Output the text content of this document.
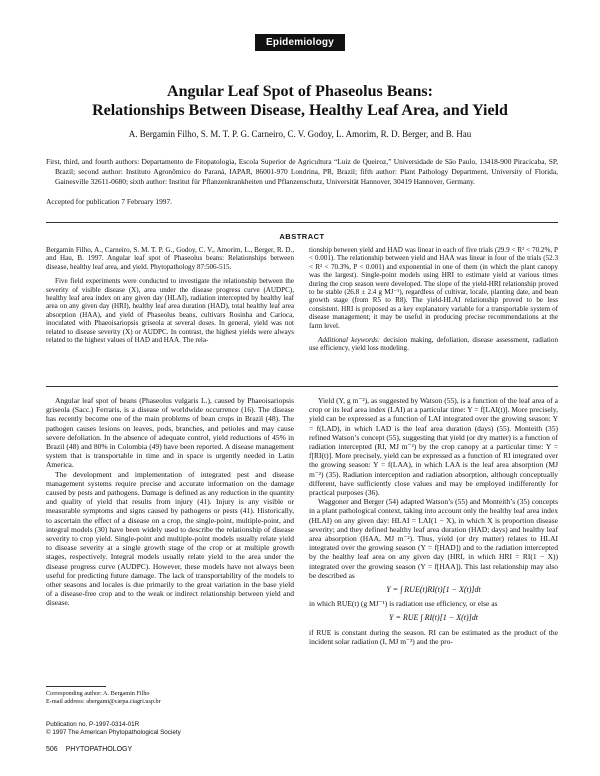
Epidemiology
Angular Leaf Spot of Phaseolus Beans:
Relationships Between Disease, Healthy Leaf Area, and Yield
A. Bergamin Filho, S. M. T. P. G. Carneiro, C. V. Godoy, L. Amorim, R. D. Berger, and B. Hau

First, third, and fourth authors: Departamento de Fitopatologia, Escola Superior de Agricultura “Luiz de Queiroz,” Universidade de São Paulo, 13418-900 Piracicaba, SP, Brazil; second author: Instituto Agronômico do Paraná, IAPAR, 86001-970 Londrina, PR, Brazil; fifth author: Plant Pathology Department, University of Florida, Gainesville 32611-0680; sixth author: Institut für Pflanzenkrankheiten und Pflanzenschutz, Universität Hannover, 30419 Hannover, Germany.

Accepted for publication 7 February 1997.
ABSTRACT

Bergamin Filho, A., Carneiro, S. M. T. P. G., Godoy, C. V., Amorim, L., Berger, R. D., and Hau, B. 1997. Angular leaf spot of Phaseolus beans: Relationships between disease, healthy leaf area, and yield. Phytopathology 87:506-515.

Five field experiments were conducted to investigate the relationship between the severity of visible disease (X), area under the disease progress curve (AUDPC), healthy leaf area index on any given day (HLAI), radiation intercepted by healthy leaf area on any given day (HRI), healthy leaf area duration (HAD), total healthy leaf area absorption (HAA), and yield of Phaseolus beans, cultivars Rosinha and Carioca, inoculated with Phaeoisariopsis griseola at several doses. In general, yield was not related to disease severity (X) or AUDPC. In contrast, the highest yields were always related to the highest values of HAD and HAA. The rela-

tionship between yield and HAD was linear in each of five trials (29.9 < R² < 70.2%, P < 0.001). The relationship between yield and HAA was linear in four of the trials (52.3 < R² < 70.3%, P < 0.001) and exponential in one of them (in which the plant canopy was the largest). Single-point models using HRI to estimate yield at various times during the crop season were developed. The slope of the yield-HRI relationship proved to be stable (26.8 ± 2.4 g MJ⁻¹), regardless of cultivar, locale, planting date, and bean growth stage (from R5 to R8). The yield-HLAI relationship proved to be less consistent. HRI is proposed as a key explanatory variable for a transportable system of disease management; it may be useful in producing precise recommendations at the farm level.

Additional keywords: decision making, defoliation, disease assessment, radiation use efficiency, yield loss modeling.

Angular leaf spot of beans (Phaseolus vulgaris L.), caused by Phaeoisariopsis griseola (Sacc.) Ferraris, is a disease of worldwide occurrence (16). The disease has recently become one of the main problems of bean crops in Brazil (48). The pathogen causes lesions on leaves, pods, branches, and petioles and may cause severe defoliation. In the absence of adequate control, yield reductions of 45% in Brazil (48) and 80% in Colombia (49) have been reported. A disease management system that is transportable in time and in space is urgently needed in Latin America.

The development and implementation of integrated pest and disease management systems require precise and accurate information on the damage caused by pests and pathogens. Damage is defined as any reduction in the quantity and quality of yield that results from injury (41). Injury is any visible or measurable symptoms and signs caused by pathogens or pests (41). Historically, to ascertain the effect of a disease on a crop, the single-point, multiple-point, and integral models (30) have been widely used to describe the relationship of disease severity to crop yield. Single-point and multiple-point models usually relate yield to disease severity at a single growth stage of the crop or at multiple growth stages, respectively. Integral models usually relate yield to the area under the disease progress curve (AUDPC). However, these models have not always been useful for predicting future damage. The lack of transportability of the models to other seasons and locales is due primarily to the great variation in the base yield of a disease-free crop and to the weak or indirect relationship between yield and disease.

Corresponding author: A. Bergamin Filho
E-mail address: abergami@carpa.ciagri.usp.br
Publication no. P-1997-0314-01R
© 1997 The American Phytopathological Society

Yield (Y, g m⁻²), as suggested by Watson (55), is a function of the leaf area of a crop or its leaf area index (LAI) at a particular time: Y = f[LAI(t)]. More precisely, yield can be expressed as a function of LAI integrated over the growing season: Y = f(LAD), in which LAD is the leaf area duration (days) (55). Monteith (35) refined Watson’s concept (55), suggesting that yield (or dry matter) is a function of radiation intercepted (RI, MJ m⁻²) by the crop canopy at a particular time: Y = f[RI(t)]. More precisely, yield can be expressed as a function of RI integrated over the growing season: Y = f(LAA), in which LAA is the leaf area absorption (MJ m⁻²) (35). Radiation interception and radiation absorption, although conceptually different, have sufficiently close values and may be employed indifferently for practical purposes (36).

Waggoner and Berger (54) adapted Watson’s (55) and Monteith’s (35) concepts in a plant pathological context, taking into account only the healthy leaf area index (HLAI) on any given day: HLAI = LAI(1 − X), in which X is proportion disease severity; and they defined healthy leaf area duration (HAD; days) and healthy leaf area absorption (HAA, MJ m⁻²). Thus, yield (or dry matter) relates to HLAI integrated over the growing season (Y = f[HAD]) and to the radiation intercepted by the healthy leaf area on any given day (HRI, in which HRI = RI(1 − X)) integrated over the growing season (Y = f[HAA]). This last relationship may also be described as

Y = ∫ RUE(t)RI(t)[1 − X(t)]dt

in which RUE(t) (g MJ⁻¹) is radiation use efficiency, or else as

Y = RUE ∫ RI(t)[1 − X(t)]dt

if RUE is constant during the season. RI can be estimated as the product of the incident solar radiation (I, MJ m⁻²) and the pro-

506 PHYTOPATHOLOGY
